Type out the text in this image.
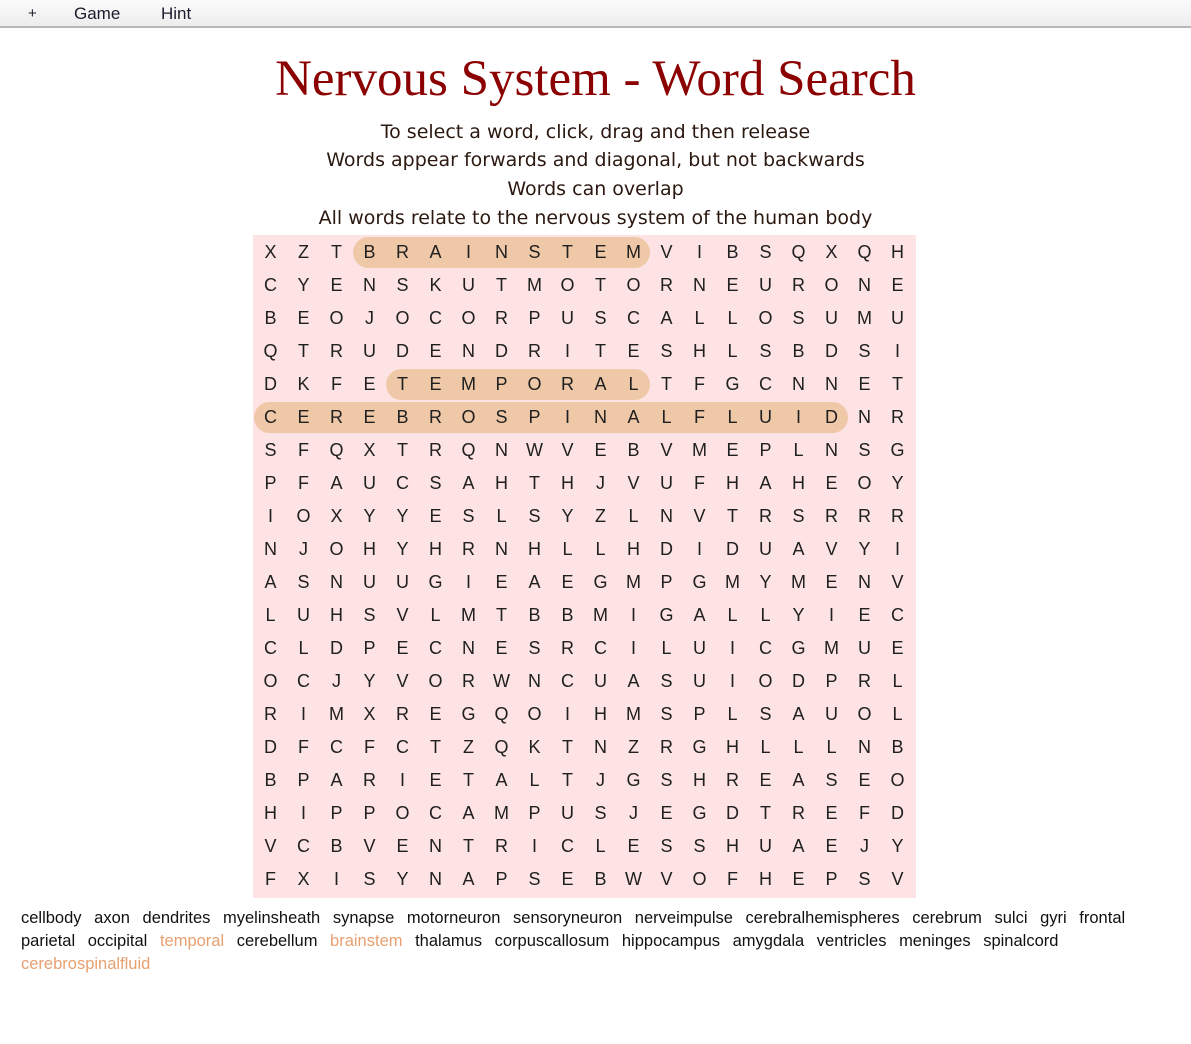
+ Game Hint
Nervous System - Word Search
To select a word, click, drag and then release
Words appear forwards and diagonal, but not backwards
Words can overlap
All words relate to the nervous system of the human body
X	Z	T	B	R	A	I	N	S	T	E	M	V	I	B	S	Q	X	Q	H
C	Y	E	N	S	K	U	T	M	O	T	O	R	N	E	U	R	O	N	E
B	E	O	J	O	C	O	R	P	U	S	C	A	L	L	O	S	U	M	U
Q	T	R	U	D	E	N	D	R	I	T	E	S	H	L	S	B	D	S	I
D	K	F	E	T	E	M	P	O	R	A	L	T	F	G	C	N	N	E	T
C	E	R	E	B	R	O	S	P	I	N	A	L	F	L	U	I	D	N	R
S	F	Q	X	T	R	Q	N	W	V	E	B	V	M	E	P	L	N	S	G
P	F	A	U	C	S	A	H	T	H	J	V	U	F	H	A	H	E	O	Y
I	O	X	Y	Y	E	S	L	S	Y	Z	L	N	V	T	R	S	R	R	R
N	J	O	H	Y	H	R	N	H	L	L	H	D	I	D	U	A	V	Y	I
A	S	N	U	U	G	I	E	A	E	G	M	P	G	M	Y	M	E	N	V
L	U	H	S	V	L	M	T	B	B	M	I	G	A	L	L	Y	I	E	C
C	L	D	P	E	C	N	E	S	R	C	I	L	U	I	C	G	M	U	E
O	C	J	Y	V	O	R	W	N	C	U	A	S	U	I	O	D	P	R	L
R	I	M	X	R	E	G	Q	O	I	H	M	S	P	L	S	A	U	O	L
D	F	C	F	C	T	Z	Q	K	T	N	Z	R	G	H	L	L	L	N	B
B	P	A	R	I	E	T	A	L	T	J	G	S	H	R	E	A	S	E	O
H	I	P	P	O	C	A	M	P	U	S	J	E	G	D	T	R	E	F	D
V	C	B	V	E	N	T	R	I	C	L	E	S	S	H	U	A	E	J	Y
F	X	I	S	Y	N	A	P	S	E	B	W	V	O	F	H	E	P	S	V
cellbody axon dendrites myelinsheath synapse motorneuron sensoryneuron nerveimpulse cerebralhemispheres cerebrum sulci gyri frontal parietal occipital temporal cerebellum brainstem thalamus corpuscallosum hippocampus amygdala ventricles meninges spinalcord cerebrospinalfluid
